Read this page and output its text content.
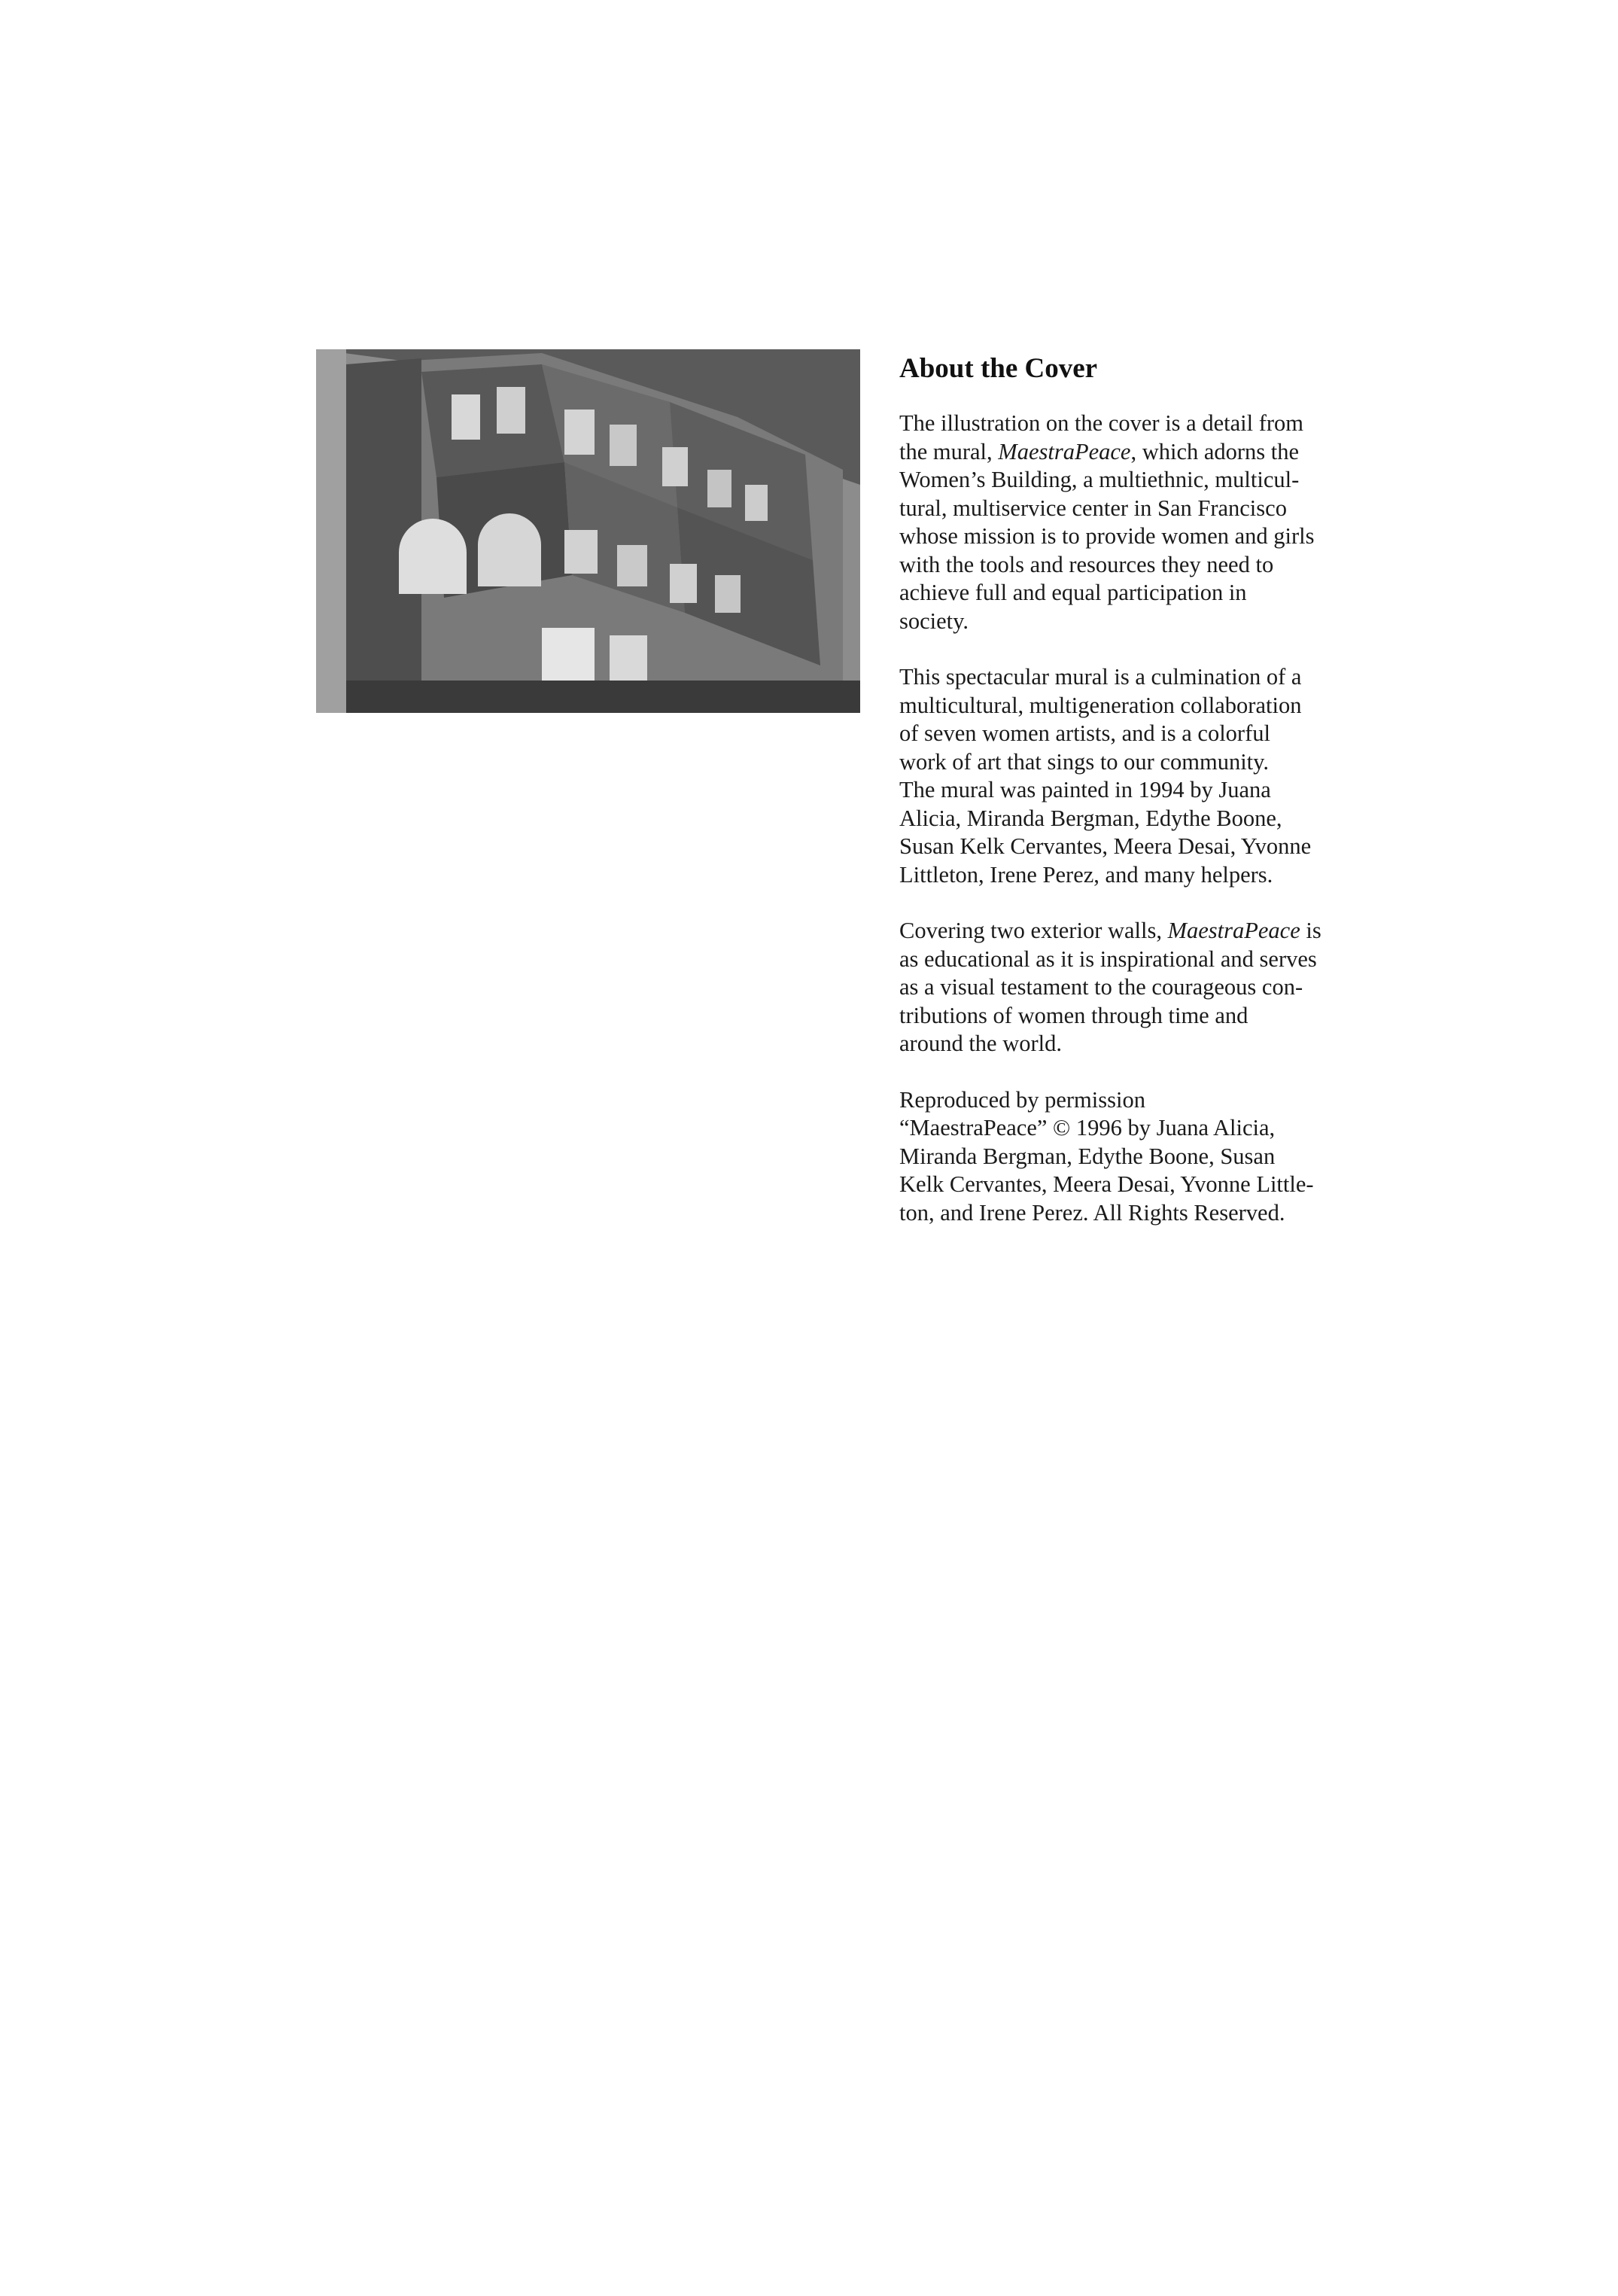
About the Cover

The illustration on the cover is a detail from
the mural, MaestraPeace, which adorns the
Women’s Building, a multiethnic, multicul-
tural, multiservice center in San Francisco
whose mission is to provide women and girls
with the tools and resources they need to
achieve full and equal participation in
society.

This spectacular mural is a culmination of a
multicultural, multigeneration collaboration
of seven women artists, and is a colorful
work of art that sings to our community.
The mural was painted in 1994 by Juana
Alicia, Miranda Bergman, Edythe Boone,
Susan Kelk Cervantes, Meera Desai, Yvonne
Littleton, Irene Perez, and many helpers.

Covering two exterior walls, MaestraPeace is
as educational as it is inspirational and serves
as a visual testament to the courageous con-
tributions of women through time and
around the world.

Reproduced by permission
“MaestraPeace” © 1996 by Juana Alicia,
Miranda Bergman, Edythe Boone, Susan
Kelk Cervantes, Meera Desai, Yvonne Little-
ton, and Irene Perez. All Rights Reserved.
